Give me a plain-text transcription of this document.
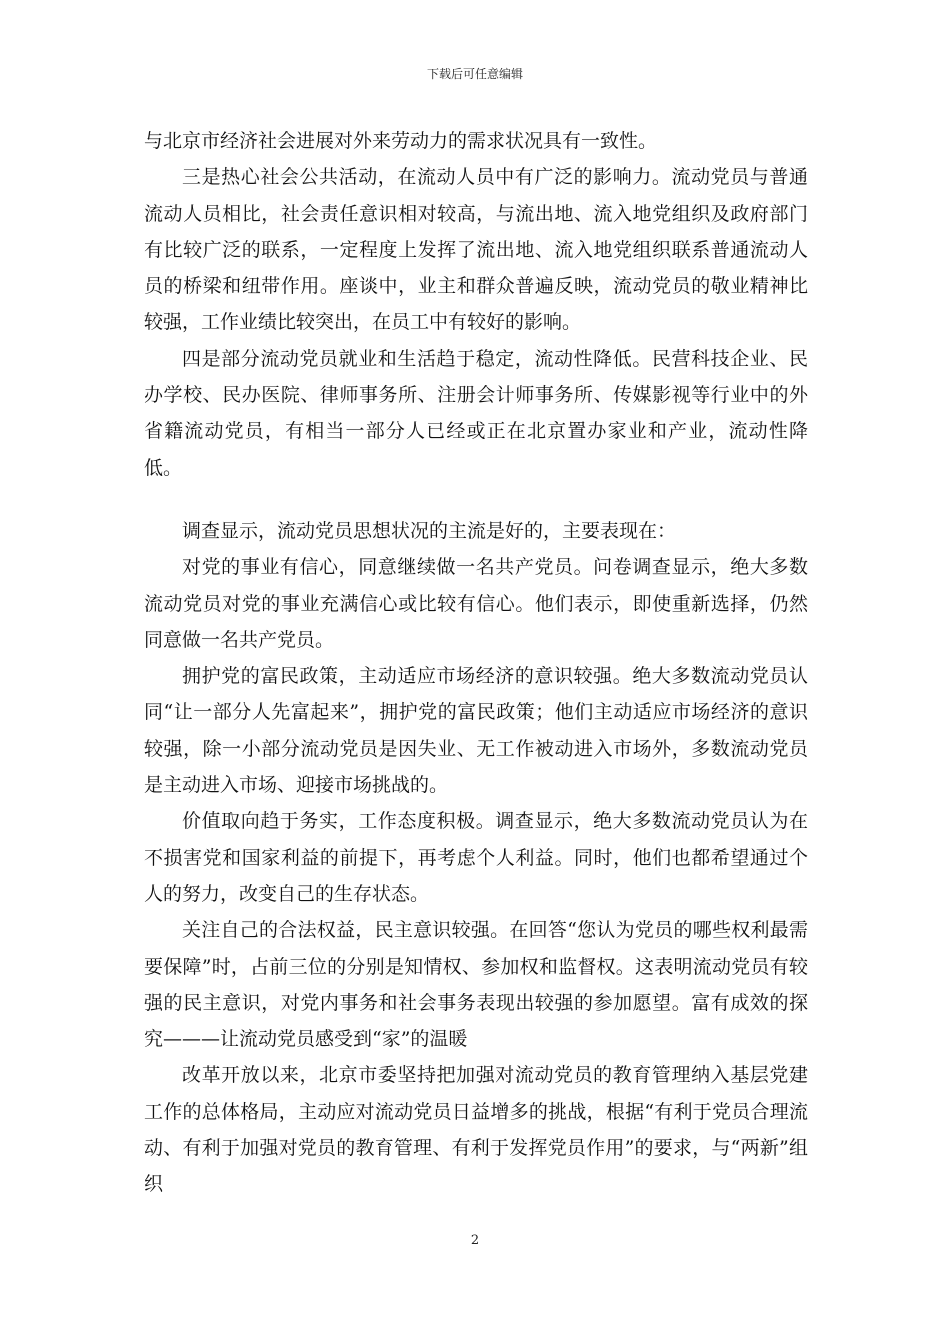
下载后可任意编辑

与北京市经济社会进展对外来劳动力的需求状况具有一致性。

三是热心社会公共活动，在流动人员中有广泛的影响力。流动党员与普通流动人员相比，社会责任意识相对较高，与流出地、流入地党组织及政府部门有比较广泛的联系，一定程度上发挥了流出地、流入地党组织联系普通流动人员的桥梁和纽带作用。座谈中，业主和群众普遍反映，流动党员的敬业精神比较强，工作业绩比较突出，在员工中有较好的影响。

四是部分流动党员就业和生活趋于稳定，流动性降低。民营科技企业、民办学校、民办医院、律师事务所、注册会计师事务所、传媒影视等行业中的外省籍流动党员，有相当一部分人已经或正在北京置办家业和产业，流动性降低。

调查显示，流动党员思想状况的主流是好的，主要表现在：

对党的事业有信心，同意继续做一名共产党员。问卷调查显示，绝大多数流动党员对党的事业充满信心或比较有信心。他们表示，即使重新选择，仍然同意做一名共产党员。

拥护党的富民政策，主动适应市场经济的意识较强。绝大多数流动党员认同“让一部分人先富起来”，拥护党的富民政策；他们主动适应市场经济的意识较强，除一小部分流动党员是因失业、无工作被动进入市场外，多数流动党员是主动进入市场、迎接市场挑战的。

价值取向趋于务实，工作态度积极。调查显示，绝大多数流动党员认为在不损害党和国家利益的前提下，再考虑个人利益。同时，他们也都希望通过个人的努力，改变自己的生存状态。

关注自己的合法权益，民主意识较强。在回答“您认为党员的哪些权利最需要保障”时，占前三位的分别是知情权、参加权和监督权。这表明流动党员有较强的民主意识，对党内事务和社会事务表现出较强的参加愿望。富有成效的探究———让流动党员感受到“家”的温暖

改革开放以来，北京市委坚持把加强对流动党员的教育管理纳入基层党建工作的总体格局，主动应对流动党员日益增多的挑战，根据“有利于党员合理流动、有利于加强对党员的教育管理、有利于发挥党员作用”的要求，与“两新”组织

2
